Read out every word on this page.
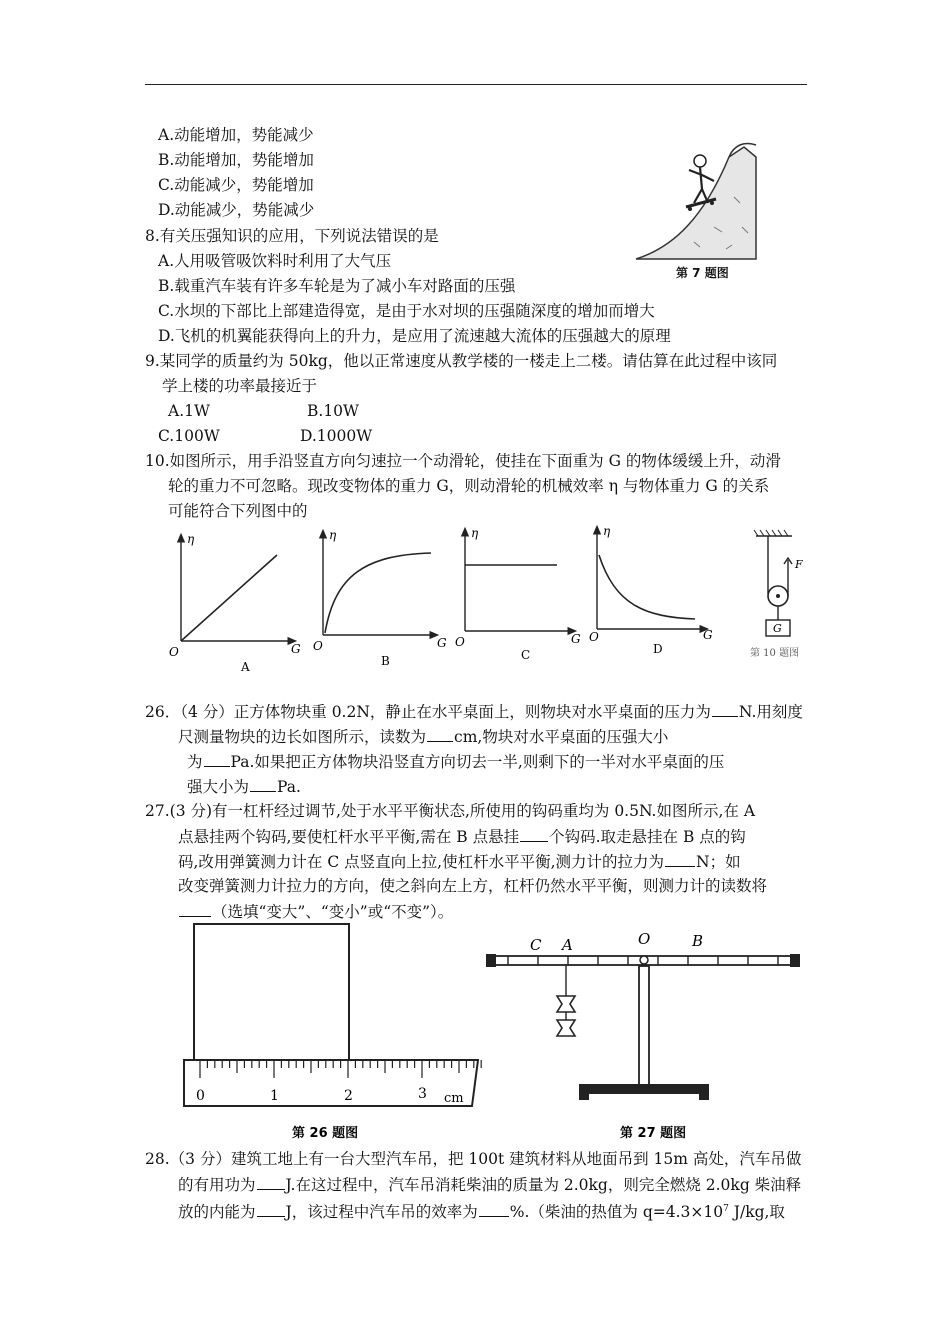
A.动能增加，势能减少
B.动能增加，势能增加
C.动能减少，势能增加
D.动能减少，势能减少
第 7 题图
8.有关压强知识的应用，下列说法错误的是
A.人用吸管吸饮料时利用了大气压
B.载重汽车装有许多车轮是为了减小车对路面的压强
C.水坝的下部比上部建造得宽，是由于水对坝的压强随深度的增加而增大
D.飞机的机翼能获得向上的升力，是应用了流速越大流体的压强越大的原理
9.某同学的质量约为 50kg，他以正常速度从教学楼的一楼走上二楼。请估算在此过程中该同
学上楼的功率最接近于
A.1W	B.10W
C.100W	D.1000W
10.如图所示，用手沿竖直方向匀速拉一个动滑轮，使挂在下面重为 G 的物体缓缓上升，动滑
轮的重力不可忽略。现改变物体的重力 G，则动滑轮的机械效率 η 与物体重力 G 的关系
可能符合下列图中的
η
O	G
A
η
O	G
B
η
O	G
C
η
O	G
D
F
G
第 10 题图
26．（4 分）正方体物块重 0.2N，静止在水平桌面上，则物块对水平桌面的压力为 N.用刻度
尺测量物块的边长如图所示，读数为 cm,物块对水平桌面的压强大小
为 Pa.如果把正方体物块沿竖直方向切去一半,则剩下的一半对水平桌面的压
强大小为 Pa.
27.(3 分)有一杠杆经过调节,处于水平平衡状态,所使用的钩码重均为 0.5N.如图所示,在 A
点悬挂两个钩码,要使杠杆水平平衡,需在 B 点悬挂 个钩码.取走悬挂在 B 点的钩
码,改用弹簧测力计在 C 点竖直向上拉,使杠杆水平平衡,测力计的拉力为 N；如
改变弹簧测力计拉力的方向，使之斜向左上方，杠杆仍然水平平衡，则测力计的读数将
（选填“变大”、“变小”或“不变”）。
0	1	2	3 cm
第 26 题图
C A	O	B
第 27 题图
28.（3 分）建筑工地上有一台大型汽车吊，把 100t 建筑材料从地面吊到 15m 高处，汽车吊做
的有用功为 J.在这过程中，汽车吊消耗柴油的质量为 2.0kg，则完全燃烧 2.0kg 柴油释
放的内能为 J，该过程中汽车吊的效率为 %.（柴油的热值为 $q=4.3\times 10^7$ J/kg,取
